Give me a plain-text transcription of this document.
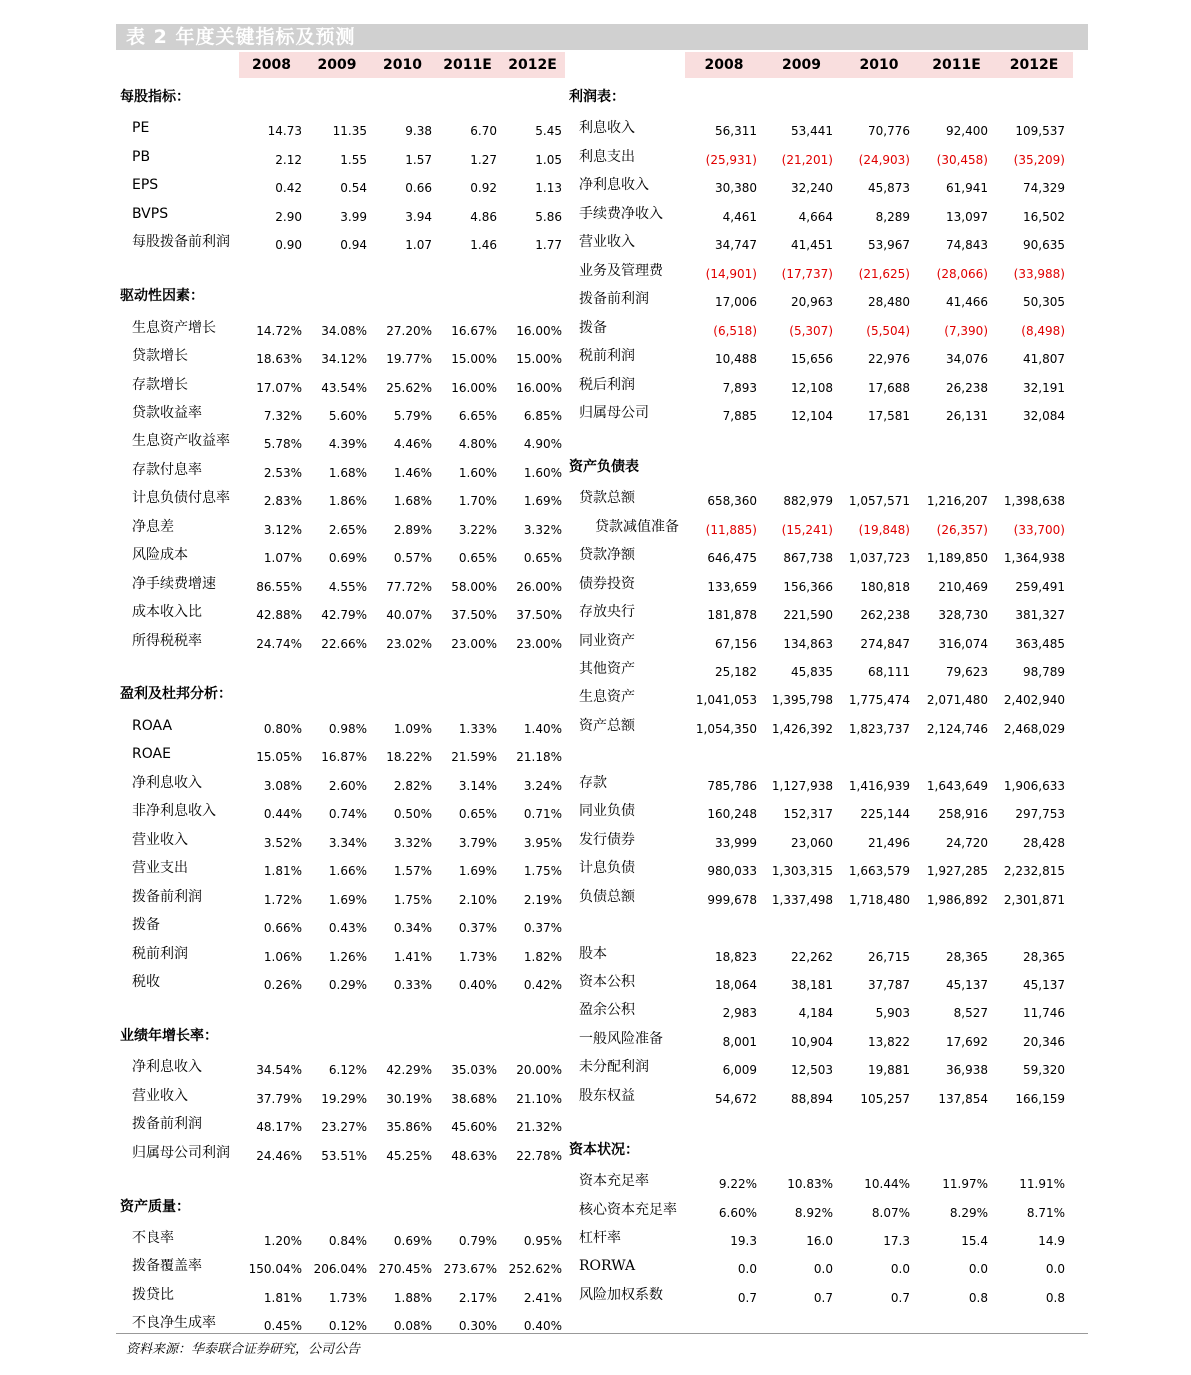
表 2 年度关键指标及预测
2008	2009	2010	2011E	2012E	2008	2009	2010	2011E	2012E
每股指标：
PE	14.73	11.35	9.38	6.70	5.45
PB	2.12	1.55	1.57	1.27	1.05
EPS	0.42	0.54	0.66	0.92	1.13
BVPS	2.90	3.99	3.94	4.86	5.86
每股拨备前利润	0.90	0.94	1.07	1.46	1.77
驱动性因素：
生息资产增长	14.72% 34.08% 27.20% 16.67% 16.00%
贷款增长	18.63% 34.12% 19.77% 15.00% 15.00%
存款增长	17.07% 43.54% 25.62% 16.00% 16.00%
贷款收益率	7.32% 5.60% 5.79% 6.65% 6.85%
生息资产收益率	5.78% 4.39% 4.46% 4.80% 4.90%
存款付息率	2.53% 1.68% 1.46% 1.60% 1.60%
计息负债付息率	2.83% 1.86% 1.68% 1.70% 1.69%
净息差	3.12% 2.65% 2.89% 3.22% 3.32%
风险成本	1.07% 0.69% 0.57% 0.65% 0.65%
净手续费增速	86.55% 4.55% 77.72% 58.00% 26.00%
成本收入比	42.88% 42.79% 40.07% 37.50% 37.50%
所得税税率	24.74% 22.66% 23.02% 23.00% 23.00%
盈利及杜邦分析：
ROAA	0.80% 0.98% 1.09% 1.33% 1.40%
ROAE	15.05% 16.87% 18.22% 21.59% 21.18%
净利息收入	3.08% 2.60% 2.82% 3.14% 3.24%
非净利息收入	0.44% 0.74% 0.50% 0.65% 0.71%
营业收入	3.52% 3.34% 3.32% 3.79% 3.95%
营业支出	1.81% 1.66% 1.57% 1.69% 1.75%
拨备前利润	1.72% 1.69% 1.75% 2.10% 2.19%
拨备	0.66% 0.43% 0.34% 0.37% 0.37%
税前利润	1.06% 1.26% 1.41% 1.73% 1.82%
税收	0.26% 0.29% 0.33% 0.40% 0.42%
业绩年增长率：
净利息收入	34.54% 6.12% 42.29% 35.03% 20.00%
营业收入	37.79% 19.29% 30.19% 38.68% 21.10%
拨备前利润	48.17% 23.27% 35.86% 45.60% 21.32%
归属母公司利润 24.46% 53.51% 45.25% 48.63% 22.78%
资产质量：
不良率	1.20% 0.84% 0.69% 0.79% 0.95%
拨备覆盖率	150.04% 206.04% 270.45% 273.67% 252.62%
拨贷比	1.81% 1.73% 1.88% 2.17% 2.41%
不良净生成率	0.45% 0.12% 0.08% 0.30% 0.40%
利润表：
利息收入	56,311	53,441	70,776	92,400 109,537
利息支出	(25,931) (21,201) (24,903) (30,458) (35,209)
净利息收入	30,380	32,240	45,873	61,941	74,329
手续费净收入	4,461	4,664	8,289	13,097	16,502
营业收入	34,747	41,451	53,967	74,843	90,635
业务及管理费	(14,901) (17,737) (21,625) (28,066) (33,988)
拨备前利润	17,006	20,963	28,480	41,466	50,305
拨备	(6,518)	(5,307)	(5,504)	(7,390)	(8,498)
税前利润	10,488	15,656	22,976	34,076	41,807
税后利润	7,893	12,108	17,688	26,238	32,191
归属母公司	7,885	12,104	17,581	26,131	32,084
资产负债表
贷款总额	658,360 882,979 1,057,571 1,216,207 1,398,638
贷款减值准备 (11,885) (15,241) (19,848) (26,357) (33,700)
贷款净额	646,475 867,738 1,037,723 1,189,850 1,364,938
债券投资	133,659 156,366 180,818 210,469 259,491
存放央行	181,878 221,590 262,238 328,730 381,327
同业资产	67,156 134,863 274,847 316,074 363,485
其他资产	25,182	45,835	68,111	79,623	98,789
生息资产	1,041,053 1,395,798 1,775,474 2,071,480 2,402,940
资产总额	1,054,350 1,426,392 1,823,737 2,124,746 2,468,029
存款	785,786 1,127,938 1,416,939 1,643,649 1,906,633
同业负债	160,248 152,317 225,144 258,916 297,753
发行债券	33,999	23,060	21,496	24,720	28,428
计息负债	980,033 1,303,315 1,663,579 1,927,285 2,232,815
负债总额	999,678 1,337,498 1,718,480 1,986,892 2,301,871
股本	18,823	22,262	26,715	28,365	28,365
资本公积	18,064	38,181	37,787	45,137	45,137
盈余公积	2,983	4,184	5,903	8,527	11,746
一般风险准备	8,001	10,904	13,822	17,692	20,346
未分配利润	6,009	12,503	19,881	36,938	59,320
股东权益	54,672	88,894 105,257 137,854 166,159
资本状况：
资本充足率	9.22%	10.83%	10.44%	11.97%	11.91%
核心资本充足率	6.60%	8.92%	8.07%	8.29%	8.71%
杠杆率	19.3	16.0	17.3	15.4	14.9
RORWA	0.0	0.0	0.0	0.0	0.0
风险加权系数	0.7	0.7	0.7	0.8	0.8
资料来源：华泰联合证券研究，公司公告
